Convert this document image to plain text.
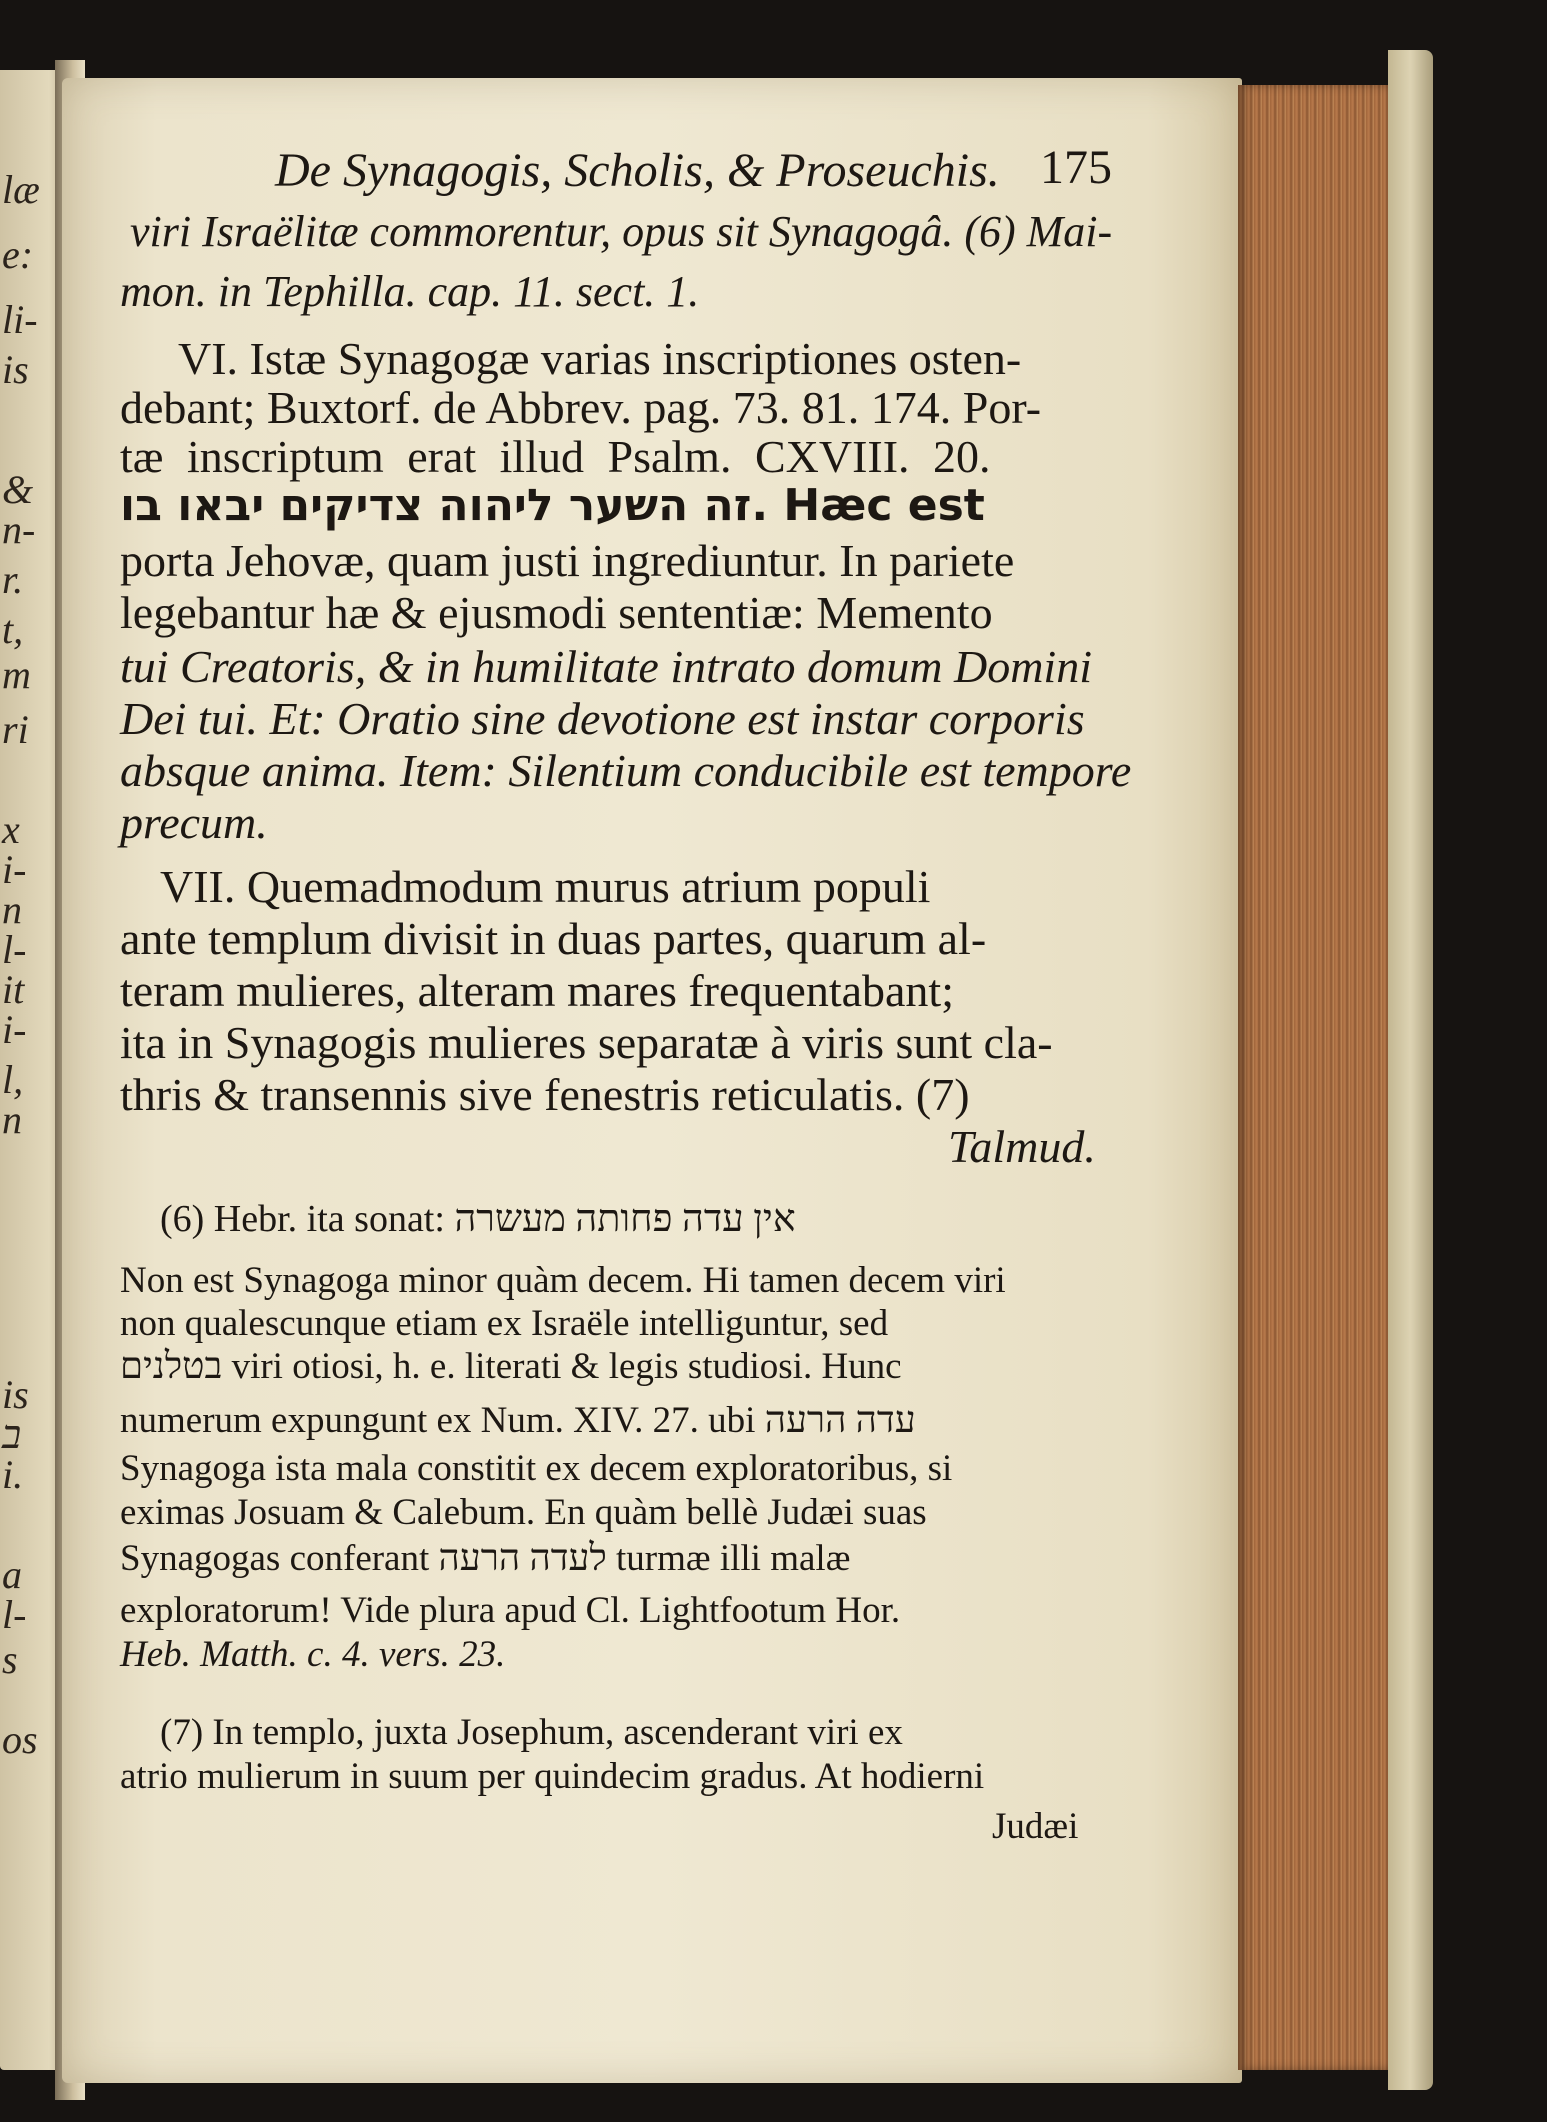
læ
e:
li-
is
&
n-
r.
t,
m
ri
x
i-
n
l-
it
i-
l,
n
is
ב
i.
a
l-
s
os
De Synagogis, Scholis, & Proseuchis. 175
viri Israëlitæ commorentur, opus sit Synagogâ. (6) Mai-
mon. in Tephilla. cap. 11. sect. 1.
VI. Istæ Synagogæ varias inscriptiones osten-
debant; Buxtorf. de Abbrev. pag. 73. 81. 174. Por-
tæ inscriptum erat illud Psalm. CXVIII. 20.
זה השער ליהוה צדיקים יבאו בו. Hæc est
porta Jehovæ, quam justi ingrediuntur. In pariete
legebantur hæ & ejusmodi sententiæ: Memento
tui Creatoris, & in humilitate intrato domum Domini
Dei tui. Et: Oratio sine devotione est instar corporis
absque anima. Item: Silentium conducibile est tempore
precum.
VII. Quemadmodum murus atrium populi
ante templum divisit in duas partes, quarum al-
teram mulieres, alteram mares frequentabant;
ita in Synagogis mulieres separatæ à viris sunt cla-
thris & transennis sive fenestris reticulatis. (7)
Talmud.
(6) Hebr. ita sonat: אין עדה פחותה מעשרה
Non est Synagoga minor quàm decem. Hi tamen decem viri
non qualescunque etiam ex Israële intelliguntur, sed
בטלנים viri otiosi, h. e. literati & legis studiosi. Hunc
numerum expungunt ex Num. XIV. 27. ubi עדה הרעה
Synagoga ista mala constitit ex decem exploratoribus, si
eximas Josuam & Calebum. En quàm bellè Judæi suas
Synagogas conferant לעדה הרעה turmæ illi malæ
exploratorum! Vide plura apud Cl. Lightfootum Hor.
Heb. Matth. c. 4. vers. 23.
(7) In templo, juxta Josephum, ascenderant viri ex
atrio mulierum in suum per quindecim gradus. At hodierni
Judæi
